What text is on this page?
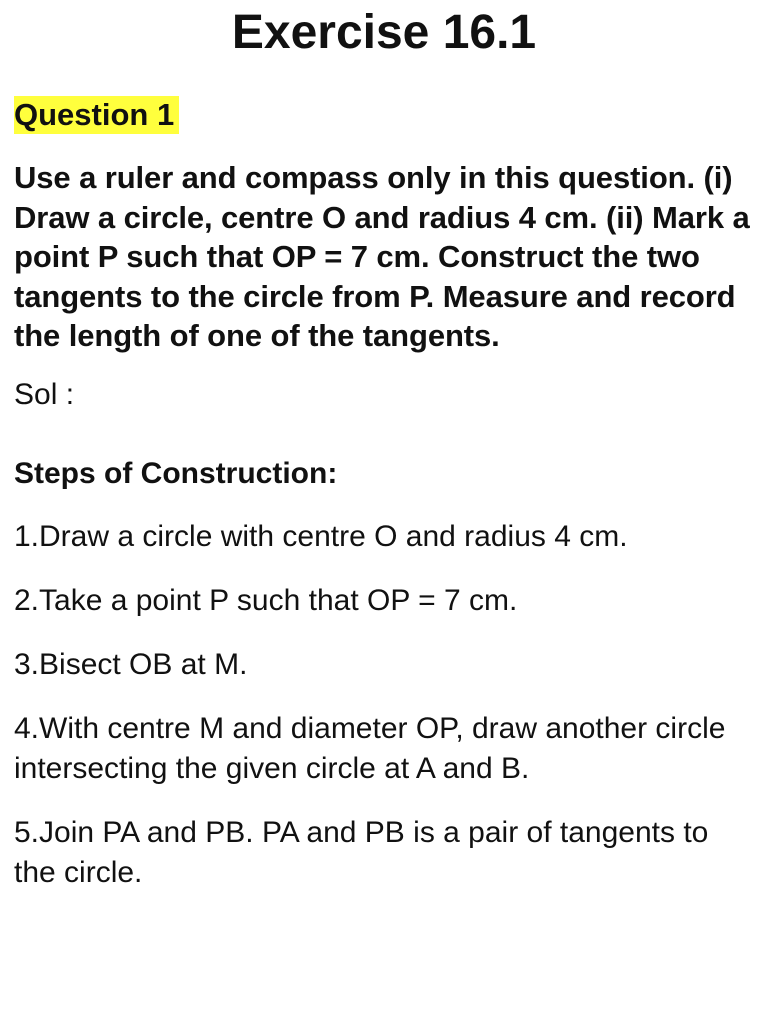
Exercise 16.1
Question 1

Use a ruler and compass only in this question. (i) Draw a circle, centre O and radius 4 cm. (ii) Mark a point P such that OP = 7 cm. Construct the two tangents to the circle from P. Measure and record the length of one of the tangents.

Sol :

Steps of Construction:

1.Draw a circle with centre O and radius 4 cm.

2.Take a point P such that OP = 7 cm.

3.Bisect OB at M.

4.With centre M and diameter OP, draw another circle intersecting the given circle at A and B.

5.Join PA and PB. PA and PB is a pair of tangents to the circle.
